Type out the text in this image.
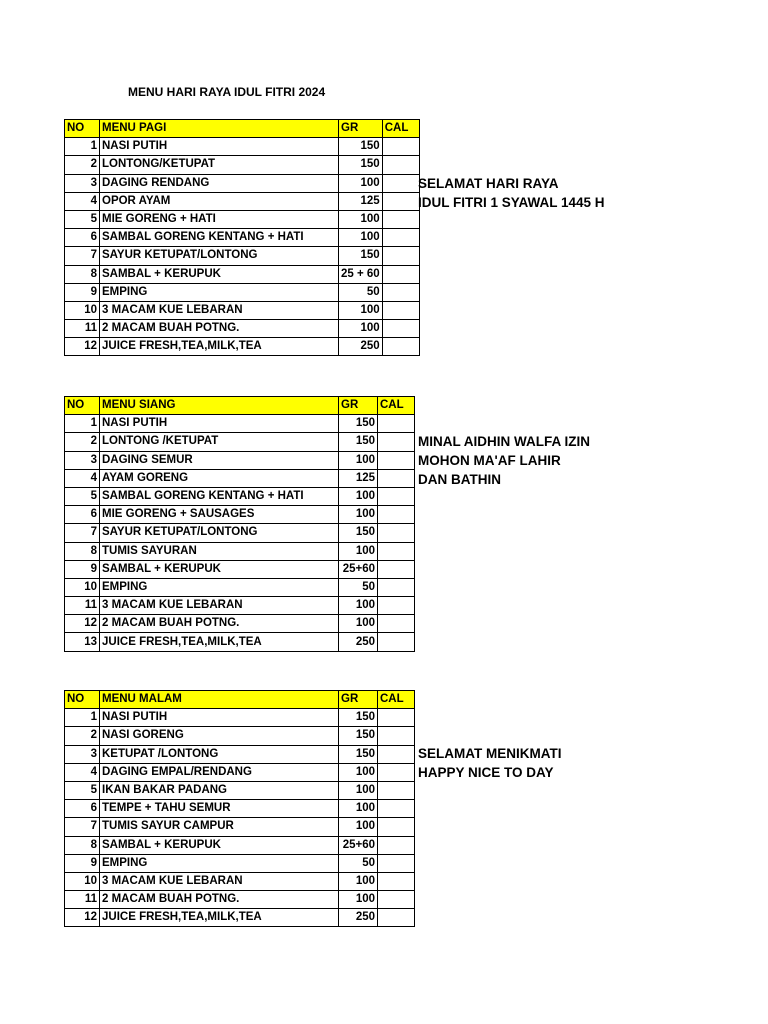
MENU HARI RAYA IDUL FITRI 2024
NO	MENU PAGI	GR	CAL
1	NASI PUTIH	150	
2	LONTONG/KETUPAT	150	
3	DAGING RENDANG	100	
4	OPOR AYAM	125	
5	MIE GORENG + HATI	100	
6	SAMBAL GORENG KENTANG + HATI	100	
7	SAYUR KETUPAT/LONTONG	150	
8	SAMBAL + KERUPUK	25 + 60	
9	EMPING	50	
10	3 MACAM KUE LEBARAN	100	
11	2 MACAM BUAH POTNG.	100	
12	JUICE FRESH,TEA,MILK,TEA	250	
NO	MENU SIANG	GR	CAL
1	NASI PUTIH	150	
2	LONTONG /KETUPAT	150	
3	DAGING SEMUR	100	
4	AYAM GORENG	125	
5	SAMBAL GORENG KENTANG + HATI	100	
6	MIE GORENG + SAUSAGES	100	
7	SAYUR KETUPAT/LONTONG	150	
8	TUMIS SAYURAN	100	
9	SAMBAL + KERUPUK	25+60	
10	EMPING	50	
11	3 MACAM KUE LEBARAN	100	
12	2 MACAM BUAH POTNG.	100	
13	JUICE FRESH,TEA,MILK,TEA	250	
NO	MENU MALAM	GR	CAL
1	NASI PUTIH	150	
2	NASI GORENG	150	
3	KETUPAT /LONTONG	150	
4	DAGING EMPAL/RENDANG	100	
5	IKAN BAKAR PADANG	100	
6	TEMPE + TAHU SEMUR	100	
7	TUMIS SAYUR CAMPUR	100	
8	SAMBAL + KERUPUK	25+60	
9	EMPING	50	
10	3 MACAM KUE LEBARAN	100	
11	2 MACAM BUAH POTNG.	100	
12	JUICE FRESH,TEA,MILK,TEA	250	
SELAMAT HARI RAYA
IDUL FITRI 1 SYAWAL 1445 H
MINAL AIDHIN WALFA IZIN
MOHON MA'AF LAHIR
DAN BATHIN
SELAMAT MENIKMATI
HAPPY NICE TO DAY
